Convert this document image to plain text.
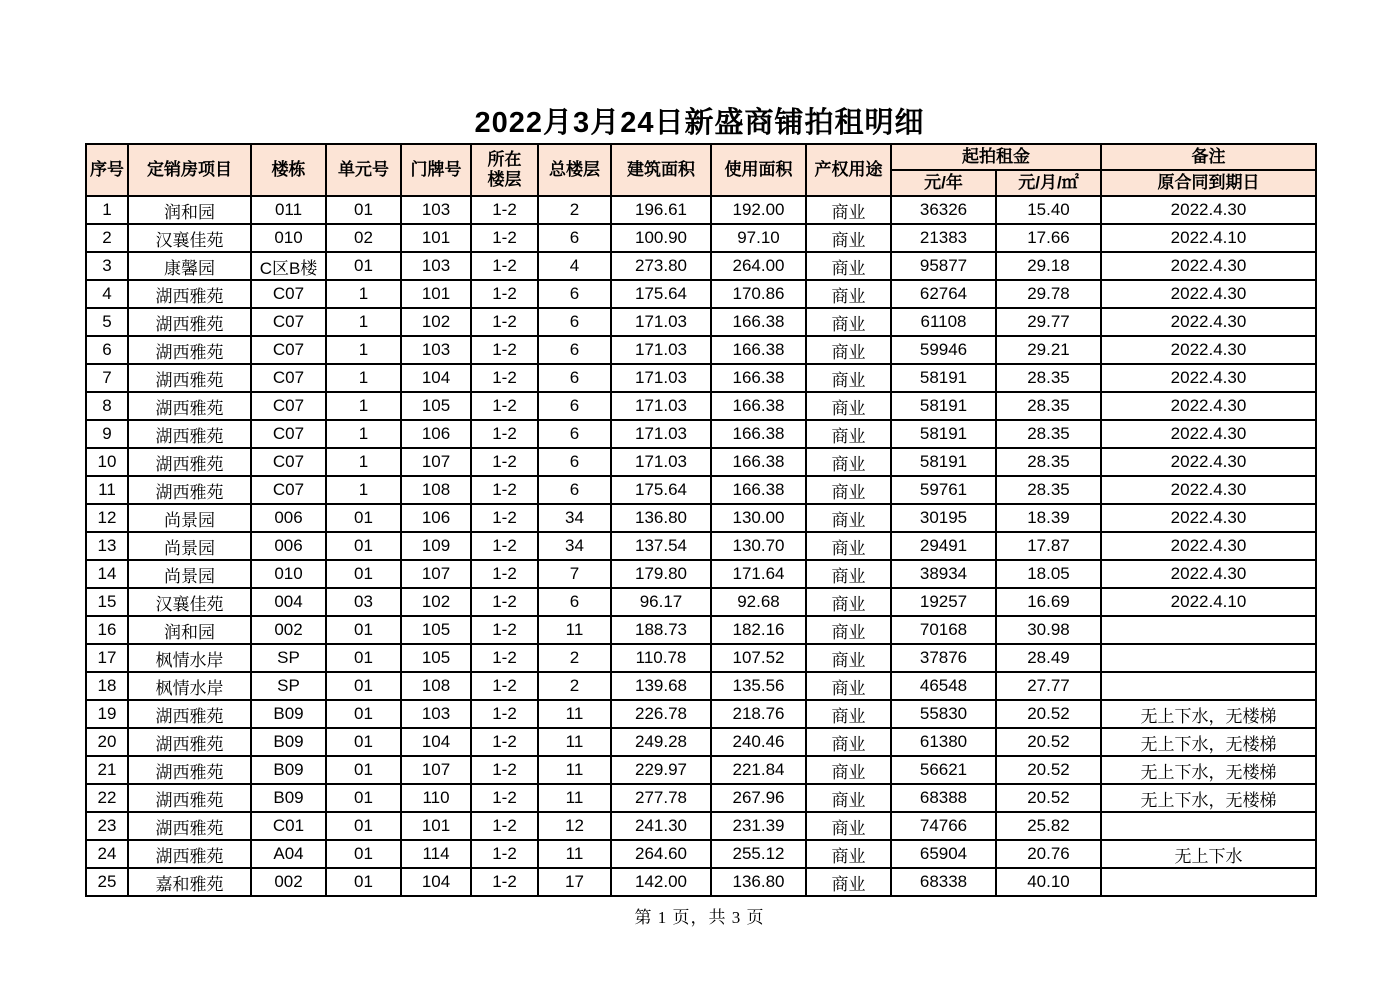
2022月3月24日新盛商铺拍租明细
序号	定销房项目	楼栋	单元号	门牌号	所在楼层	总楼层	建筑面积	使用面积	产权用途	起拍租金		备注
										元/年	元/月/㎡	原合同到期日
1	润和园	011	01	103	1-2	2	196.61	192.00	商业	36326	15.40	2022.4.30
2	汉襄佳苑	010	02	101	1-2	6	100.90	97.10	商业	21383	17.66	2022.4.10
3	康馨园	C区B楼	01	103	1-2	4	273.80	264.00	商业	95877	29.18	2022.4.30
4	湖西雅苑	C07	1	101	1-2	6	175.64	170.86	商业	62764	29.78	2022.4.30
5	湖西雅苑	C07	1	102	1-2	6	171.03	166.38	商业	61108	29.77	2022.4.30
6	湖西雅苑	C07	1	103	1-2	6	171.03	166.38	商业	59946	29.21	2022.4.30
7	湖西雅苑	C07	1	104	1-2	6	171.03	166.38	商业	58191	28.35	2022.4.30
8	湖西雅苑	C07	1	105	1-2	6	171.03	166.38	商业	58191	28.35	2022.4.30
9	湖西雅苑	C07	1	106	1-2	6	171.03	166.38	商业	58191	28.35	2022.4.30
10	湖西雅苑	C07	1	107	1-2	6	171.03	166.38	商业	58191	28.35	2022.4.30
11	湖西雅苑	C07	1	108	1-2	6	175.64	166.38	商业	59761	28.35	2022.4.30
12	尚景园	006	01	106	1-2	34	136.80	130.00	商业	30195	18.39	2022.4.30
13	尚景园	006	01	109	1-2	34	137.54	130.70	商业	29491	17.87	2022.4.30
14	尚景园	010	01	107	1-2	7	179.80	171.64	商业	38934	18.05	2022.4.30
15	汉襄佳苑	004	03	102	1-2	6	96.17	92.68	商业	19257	16.69	2022.4.10
16	润和园	002	01	105	1-2	11	188.73	182.16	商业	70168	30.98	
17	枫情水岸	SP	01	105	1-2	2	110.78	107.52	商业	37876	28.49	
18	枫情水岸	SP	01	108	1-2	2	139.68	135.56	商业	46548	27.77	
19	湖西雅苑	B09	01	103	1-2	11	226.78	218.76	商业	55830	20.52	无上下水，无楼梯
20	湖西雅苑	B09	01	104	1-2	11	249.28	240.46	商业	61380	20.52	无上下水，无楼梯
21	湖西雅苑	B09	01	107	1-2	11	229.97	221.84	商业	56621	20.52	无上下水，无楼梯
22	湖西雅苑	B09	01	110	1-2	11	277.78	267.96	商业	68388	20.52	无上下水，无楼梯
23	湖西雅苑	C01	01	101	1-2	12	241.30	231.39	商业	74766	25.82	
24	湖西雅苑	A04	01	114	1-2	11	264.60	255.12	商业	65904	20.76	无上下水
25	嘉和雅苑	002	01	104	1-2	17	142.00	136.80	商业	68338	40.10	
第 1 页，共 3 页
